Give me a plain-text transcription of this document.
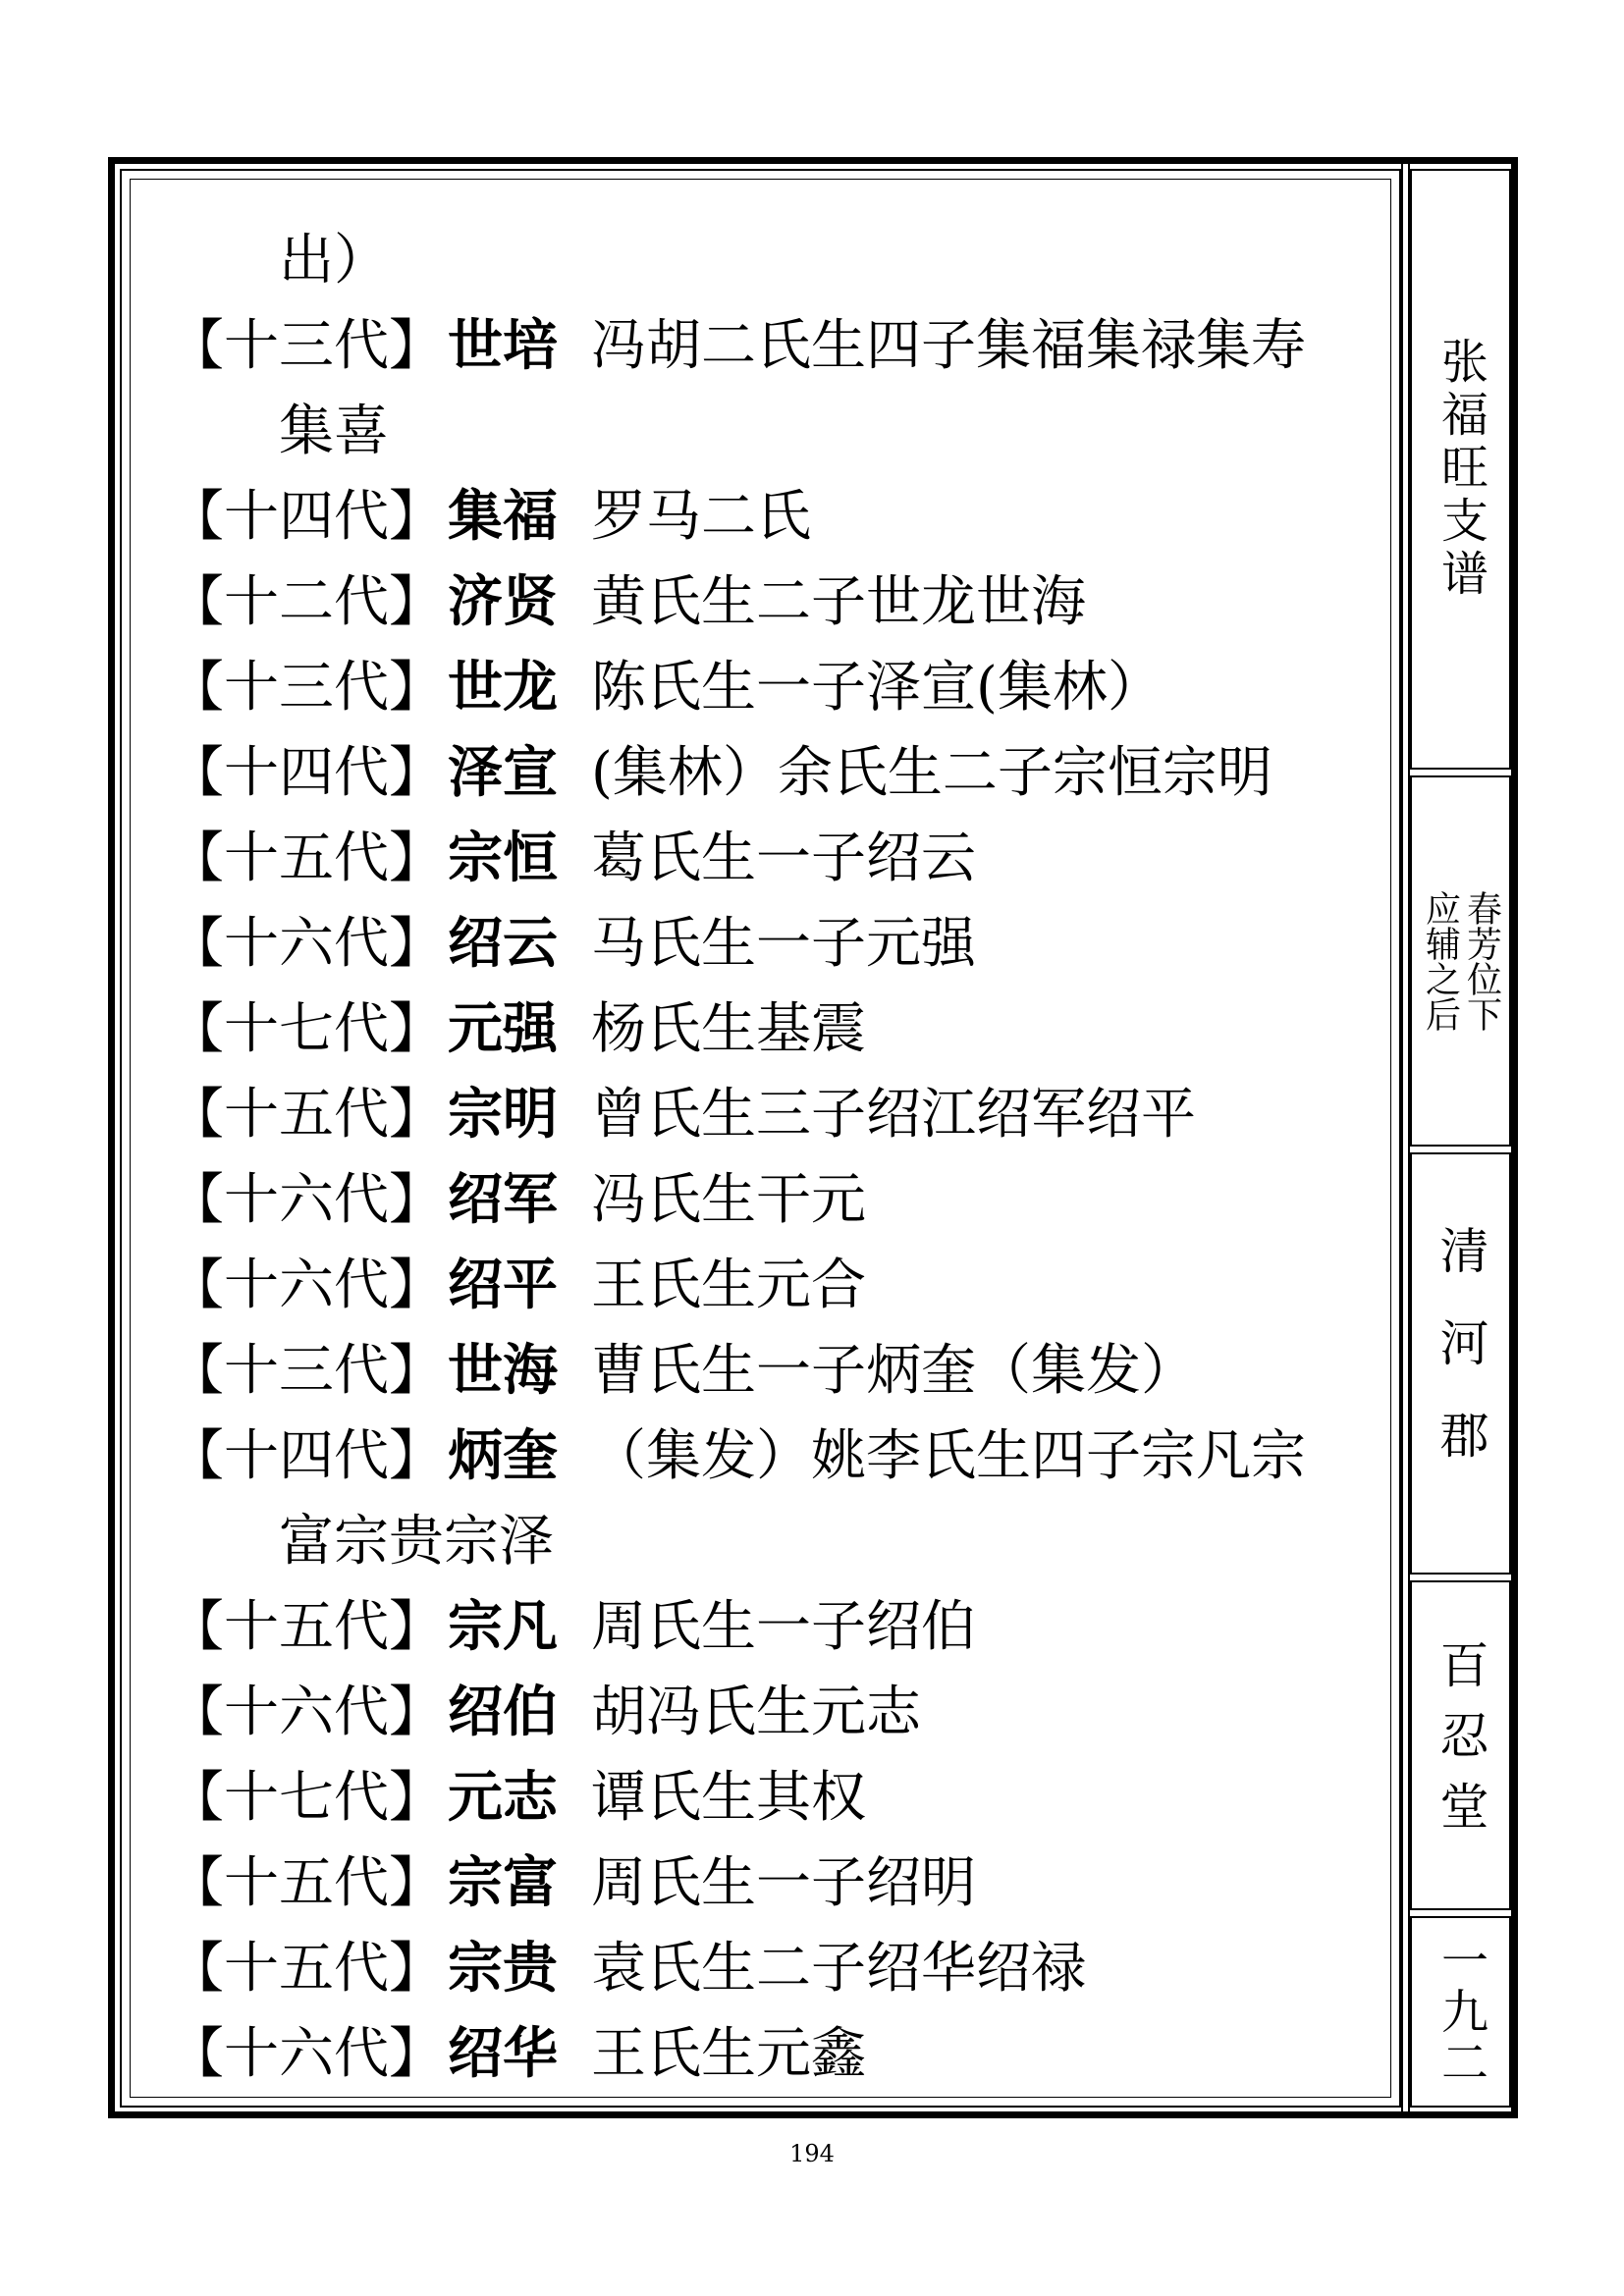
出）
【十三代】世培 冯胡二氏生四子集福集禄集寿
集喜
【十四代】集福 罗马二氏
【十二代】济贤 黄氏生二子世龙世海
【十三代】世龙 陈氏生一子泽宣(集林）
【十四代】泽宣 (集林）余氏生二子宗恒宗明
【十五代】宗恒 葛氏生一子绍云
【十六代】绍云 马氏生一子元强
【十七代】元强 杨氏生基震
【十五代】宗明 曾氏生三子绍江绍军绍平
【十六代】绍军 冯氏生干元
【十六代】绍平 王氏生元合
【十三代】世海 曹氏生一子炳奎（集发）
【十四代】炳奎 （集发）姚李氏生四子宗凡宗
富宗贵宗泽
【十五代】宗凡 周氏生一子绍伯
【十六代】绍伯 胡冯氏生元志
【十七代】元志 谭氏生其权
【十五代】宗富 周氏生一子绍明
【十五代】宗贵 袁氏生二子绍华绍禄
【十六代】绍华 王氏生元鑫
张福旺支谱
春芳位下
应辅之后
清河郡
百忍堂
一九二
194
